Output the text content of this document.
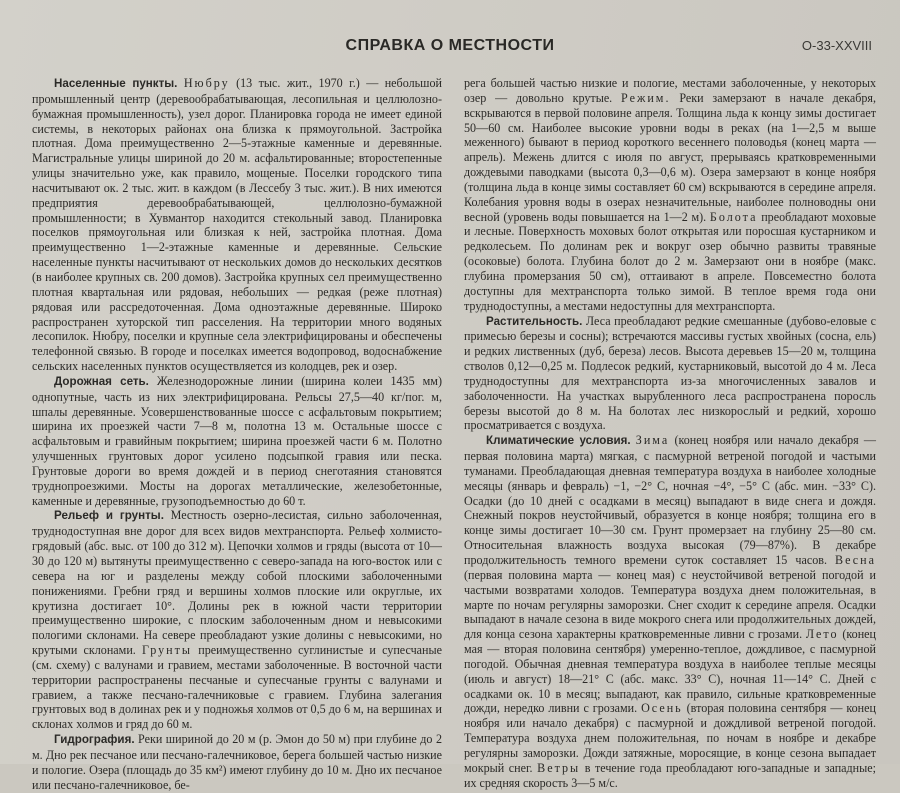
СПРАВКА О МЕСТНОСТИ	О-33-XXVIII

Населенные пункты. Нюбру (13 тыс. жит., 1970 г.) — небольшой промышленный центр (деревообрабатывающая, лесопильная и целлюлозно-бумажная промышленность), узел дорог. Планировка города не имеет единой системы, в некоторых районах она близка к прямоугольной. Застройка плотная. Дома преимущественно 2—5-этажные каменные и деревянные. Магистральные улицы шириной до 20 м. асфальтированные; второстепенные улицы значительно уже, как правило, мощеные. Поселки городского типа насчитывают ок. 2 тыс. жит. в каждом (в Лессебу 3 тыс. жит.). В них имеются предприятия деревообрабатывающей, целлюлозно-бумажной промышленности; в Хувмантор находится стекольный завод. Планировка поселков прямоугольная или близкая к ней, застройка плотная. Дома преимущественно 1—2-этажные каменные и деревянные. Сельские населенные пункты насчитывают от нескольких домов до нескольких десятков (в наиболее крупных св. 200 домов). Застройка крупных сел преимущественно плотная квартальная или рядовая, небольших — редкая (реже плотная) рядовая или рассредоточенная. Дома одноэтажные деревянные. Широко распространен хуторской тип расселения. На территории много водяных лесопилок. Нюбру, поселки и крупные села электрифицированы и обеспечены телефонной связью. В городе и поселках имеется водопровод, водоснабжение сельских населенных пунктов осуществляется из колодцев, рек и озер.

Дорожная сеть. Железнодорожные линии (ширина колеи 1435 мм) однопутные, часть из них электрифицирована. Рельсы 27,5—40 кг/пог. м, шпалы деревянные. Усовершенствованные шоссе с асфальтовым покрытием; ширина их проезжей части 7—8 м, полотна 13 м. Остальные шоссе с асфальтовым и гравийным покрытием; ширина проезжей части 6 м. Полотно улучшенных грунтовых дорог усилено подсыпкой гравия или песка. Грунтовые дороги во время дождей и в период снеготаяния становятся труднопроезжими. Мосты на дорогах металлические, железобетонные, каменные и деревянные, грузоподъемностью до 60 т.

Рельеф и грунты. Местность озерно-лесистая, сильно заболоченная, труднодоступная вне дорог для всех видов мехтранспорта. Рельеф холмисто-грядовый (абс. выс. от 100 до 312 м). Цепочки холмов и гряды (высота от 10—30 до 120 м) вытянуты преимущественно с северо-запада на юго-восток или с севера на юг и разделены между собой плоскими заболоченными понижениями. Гребни гряд и вершины холмов плоские или округлые, их крутизна достигает 10°. Долины рек в южной части территории преимущественно широкие, с плоским заболоченным дном и невысокими пологими склонами. На севере преобладают узкие долины с невысокими, но крутыми склонами. Грунты преимущественно суглинистые и супесчаные (см. схему) с валунами и гравием, местами заболоченные. В восточной части территории распространены песчаные и супесчаные грунты с валунами и гравием, а также песчано-галечниковые с гравием. Глубина залегания грунтовых вод в долинах рек и у подножья холмов от 0,5 до 6 м, на вершинах и склонах холмов и гряд до 60 м.

Гидрография. Реки шириной до 20 м (р. Эмон до 50 м) при глубине до 2 м. Дно рек песчаное или песчано-галечниковое, берега большей частью низкие и пологие. Озера (площадь до 35 км²) имеют глубину до 10 м. Дно их песчаное или песчано-галечниковое, бе-

рега большей частью низкие и пологие, местами заболоченные, у некоторых озер — довольно крутые. Режим. Реки замерзают в начале декабря, вскрываются в первой половине апреля. Толщина льда к концу зимы достигает 50—60 см. Наиболее высокие уровни воды в реках (на 1—2,5 м выше меженного) бывают в период короткого весеннего половодья (конец марта — апрель). Межень длится с июля по август, прерываясь кратковременными дождевыми паводками (высота 0,3—0,6 м). Озера замерзают в конце ноября (толщина льда в конце зимы составляет 60 см) вскрываются в середине апреля. Колебания уровня воды в озерах незначительные, наиболее полноводны они весной (уровень воды повышается на 1—2 м). Болота преобладают моховые и лесные. Поверхность моховых болот открытая или поросшая кустарником и редколесьем. По долинам рек и вокруг озер обычно развиты травяные (осоковые) болота. Глубина болот до 2 м. Замерзают они в ноябре (макс. глубина промерзания 50 см), оттаивают в апреле. Повсеместно болота доступны для мехтранспорта только зимой. В теплое время года они труднодоступны, а местами недоступны для мехтранспорта.

Растительность. Леса преобладают редкие смешанные (дубово-еловые с примесью березы и сосны); встречаются массивы густых хвойных (сосна, ель) и редких лиственных (дуб, береза) лесов. Высота деревьев 15—20 м, толщина стволов 0,12—0,25 м. Подлесок редкий, кустарниковый, высотой до 4 м. Леса труднодоступны для мехтранспорта из-за многочисленных завалов и заболоченности. На участках вырубленного леса распространена поросль березы высотой до 8 м. На болотах лес низкорослый и редкий, хорошо просматривается с воздуха.

Климатические условия. Зима (конец ноября или начало декабря — первая половина марта) мягкая, с пасмурной ветреной погодой и частыми туманами. Преобладающая дневная температура воздуха в наиболее холодные месяцы (январь и февраль) −1, −2° С, ночная −4°, −5° С (абс. мин. −33° С). Осадки (до 10 дней с осадками в месяц) выпадают в виде снега и дождя. Снежный покров неустойчивый, образуется в конце ноября; толщина его в конце зимы достигает 10—30 см. Грунт промерзает на глубину 25—80 см. Относительная влажность воздуха высокая (79—87%). В декабре продолжительность темного времени суток составляет 15 часов. Весна (первая половина марта — конец мая) с неустойчивой ветреной погодой и частыми возвратами холодов. Температура воздуха днем положительная, в марте по ночам регулярны заморозки. Снег сходит к середине апреля. Осадки выпадают в начале сезона в виде мокрого снега или продолжительных дождей, для конца сезона характерны кратковременные ливни с грозами. Лето (конец мая — вторая половина сентября) умеренно-теплое, дождливое, с пасмурной погодой. Обычная дневная температура воздуха в наиболее теплые месяцы (июль и август) 18—21° С (абс. макс. 33° С), ночная 11—14° С. Дней с осадками ок. 10 в месяц; выпадают, как правило, сильные кратковременные дожди, нередко ливни с грозами. Осень (вторая половина сентября — конец ноября или начало декабря) с пасмурной и дождливой ветреной погодой. Температура воздуха днем положительная, по ночам в ноябре и декабре регулярны заморозки. Дожди затяжные, моросящие, в конце сезона выпадает мокрый снег. Ветры в течение года преобладают юго-западные и западные; их средняя скорость 3—5 м/с.
